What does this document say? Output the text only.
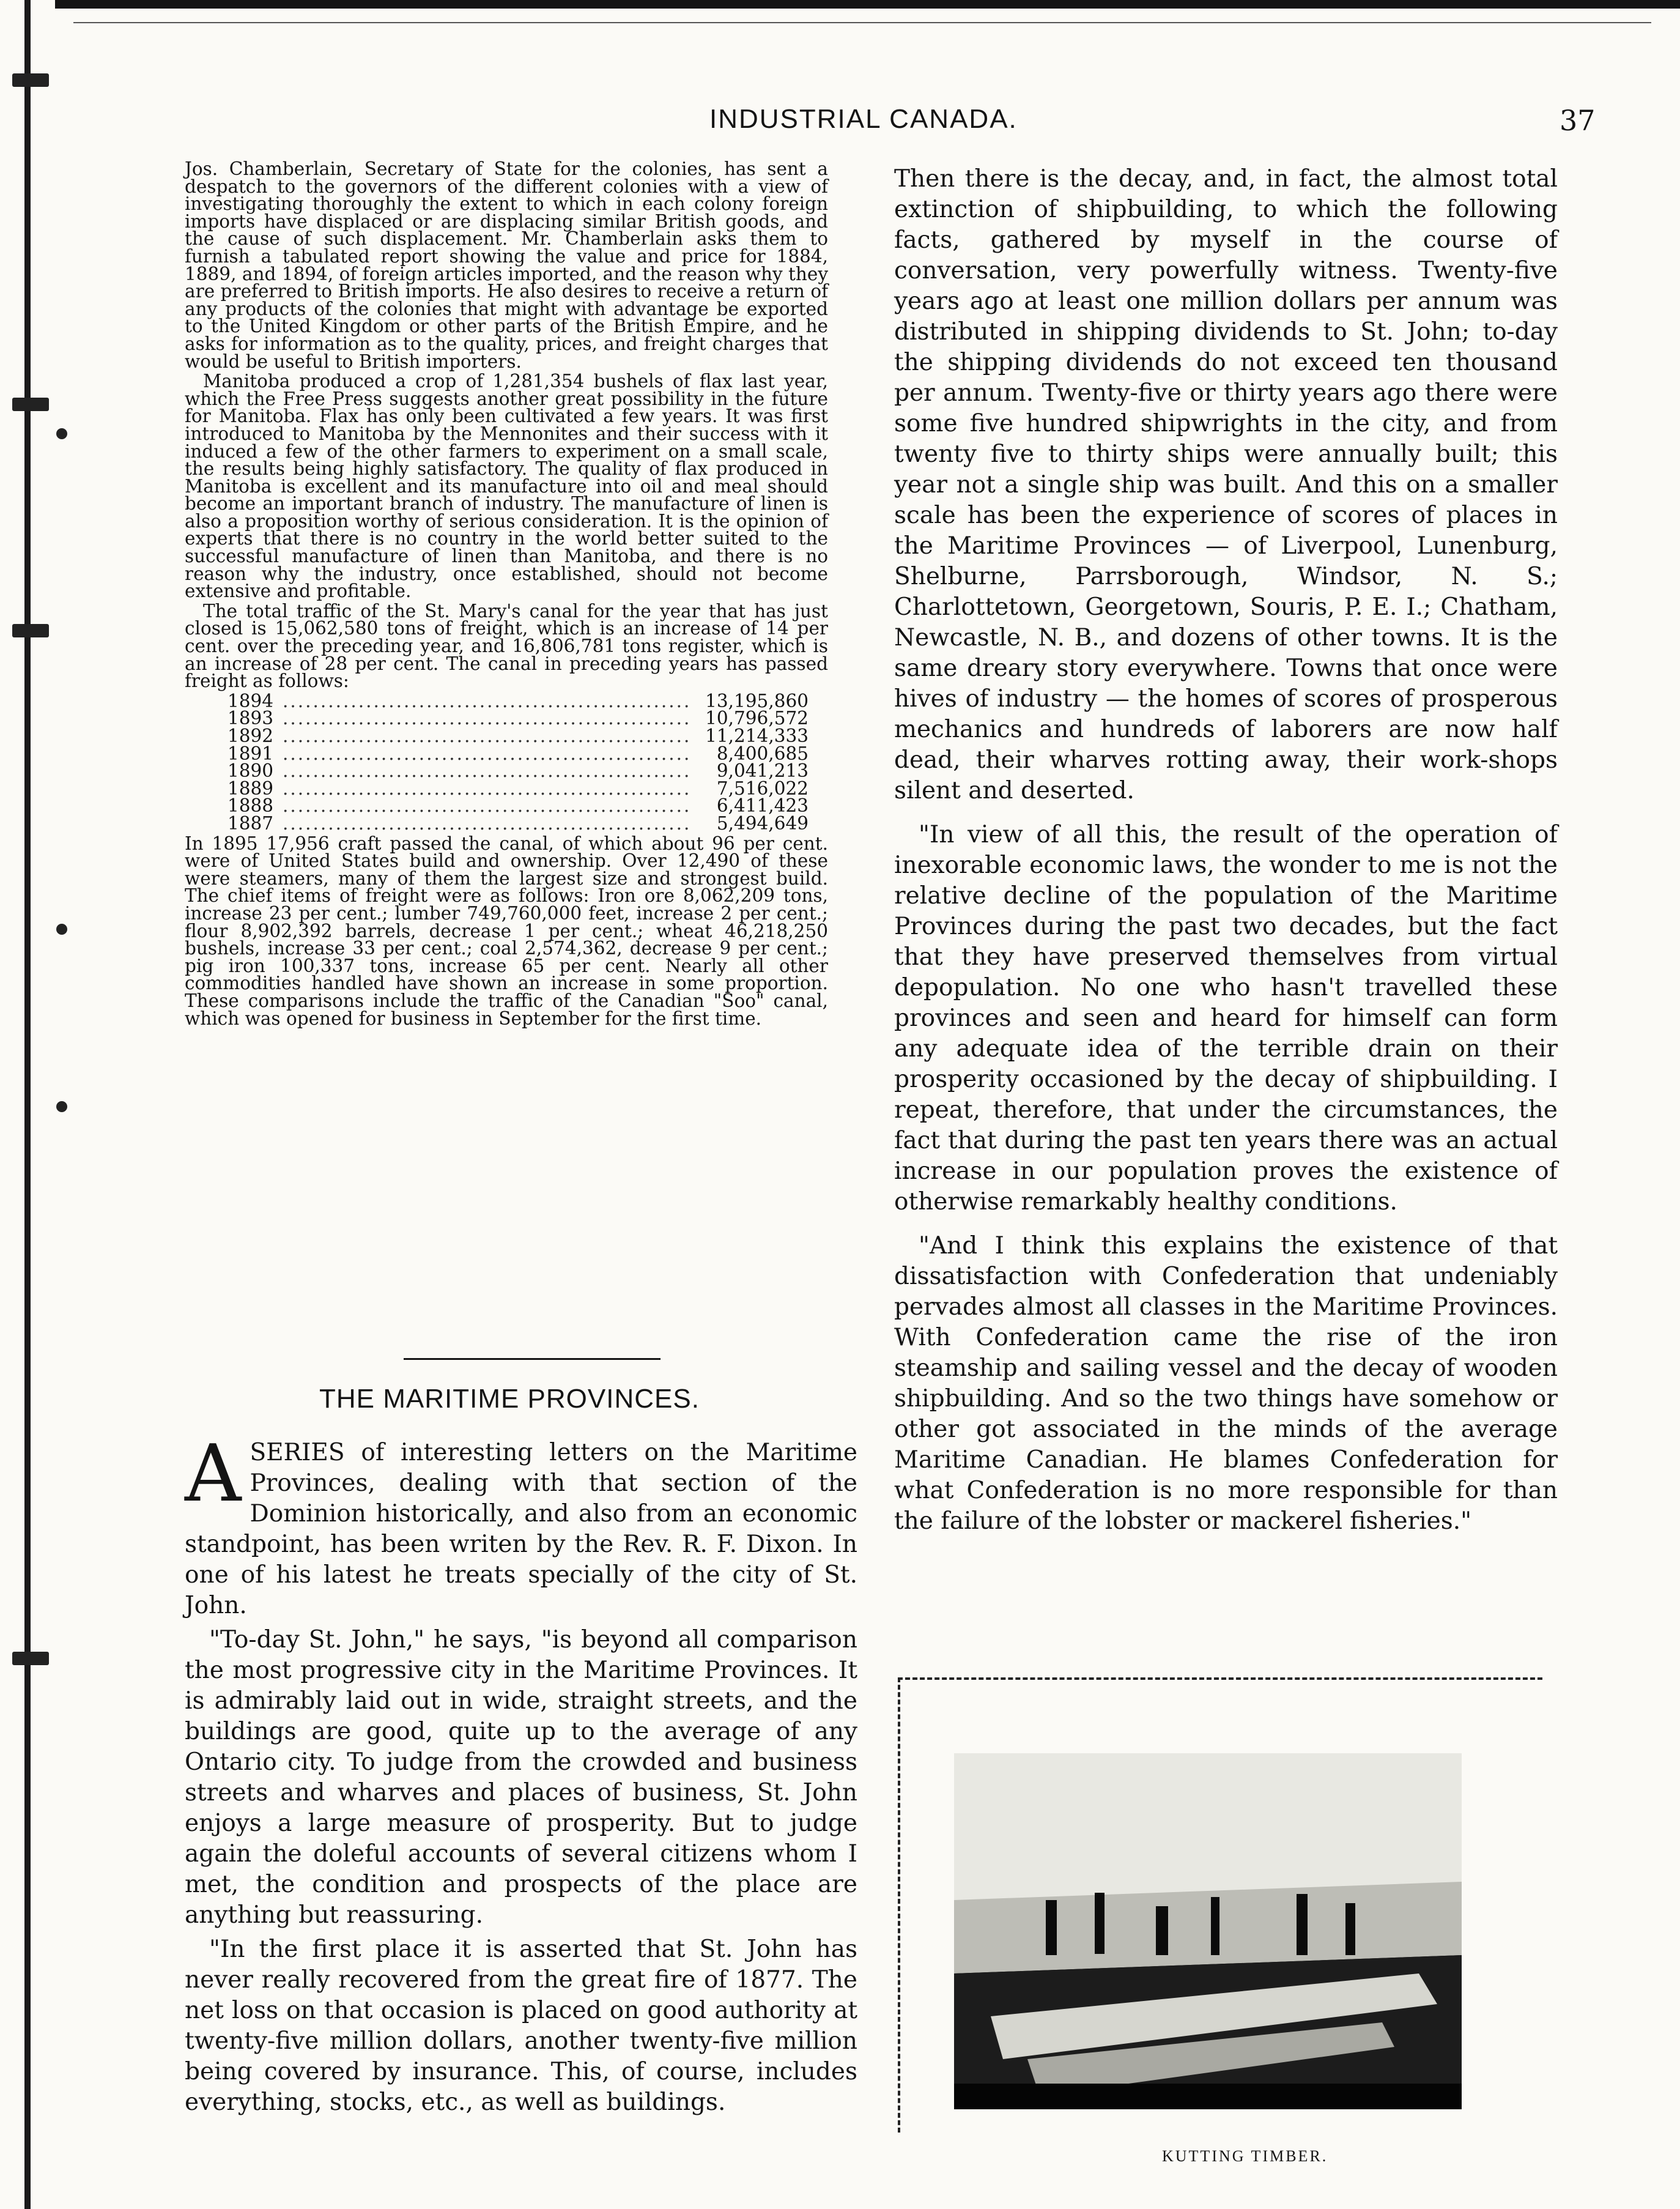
INDUSTRIAL CANADA.	37

Jos. Chamberlain, Secretary of State for the colonies, has sent a despatch to the governors of the different colonies with a view of investigating thoroughly the extent to which in each colony foreign imports have displaced or are displacing similar British goods, and the cause of such displacement. Mr. Chamberlain asks them to furnish a tabulated report showing the value and price for 1884, 1889, and 1894, of foreign articles imported, and the reason why they are preferred to British imports. He also desires to receive a return of any products of the colonies that might with advantage be exported to the United Kingdom or other parts of the British Empire, and he asks for information as to the quality, prices, and freight charges that would be useful to British importers.

Manitoba produced a crop of 1,281,354 bushels of flax last year, which the Free Press suggests another great possibility in the future for Manitoba. Flax has only been cultivated a few years. It was first introduced to Manitoba by the Mennonites and their success with it induced a few of the other farmers to experiment on a small scale, the results being highly satisfactory. The quality of flax produced in Manitoba is excellent and its manufacture into oil and meal should become an important branch of industry. The manufacture of linen is also a proposition worthy of serious consideration. It is the opinion of experts that there is no country in the world better suited to the successful manufacture of linen than Manitoba, and there is no reason why the industry, once established, should not become extensive and profitable.

The total traffic of the St. Mary's canal for the year that has just closed is 15,062,580 tons of freight, which is an increase of 14 per cent. over the preceding year, and 16,806,781 tons register, which is an increase of 28 per cent. The canal in preceding years has passed freight as follows:

1894 .....	13,195,860
1893 .....	10,796,572
1892 .....	11,214,333
1891 .....	8,400,685
1890 .....	9,041,213
1889 .....	7,516,022
1888 .....	6,411,423
1887 .....	5,494,649

In 1895 17,956 craft passed the canal, of which about 96 per cent. were of United States build and ownership. Over 12,490 of these were steamers, many of them the largest size and strongest build. The chief items of freight were as follows: Iron ore 8,062,209 tons, increase 23 per cent.; lumber 749,760,000 feet, increase 2 per cent.; flour 8,902,392 barrels, decrease 1 per cent.; wheat 46,218,250 bushels, increase 33 per cent.; coal 2,574,362, decrease 9 per cent.; pig iron 100,337 tons, increase 65 per cent. Nearly all other commodities handled have shown an increase in some proportion. These comparisons include the traffic of the Canadian "Soo" canal, which was opened for business in September for the first time.

THE MARITIME PROVINCES.

ASERIES of interesting letters on the Maritime Provinces, dealing with that section of the Dominion historically, and also from an economic standpoint, has been writen by the Rev. R. F. Dixon. In one of his latest he treats specially of the city of St. John.

"To-day St. John," he says, "is beyond all comparison the most progressive city in the Maritime Provinces. It is admirably laid out in wide, straight streets, and the buildings are good, quite up to the average of any Ontario city. To judge from the crowded and business streets and wharves and places of business, St. John enjoys a large measure of prosperity. But to judge again the doleful accounts of several citizens whom I met, the condition and prospects of the place are anything but reassuring.

"In the first place it is asserted that St. John has never really recovered from the great fire of 1877. The net loss on that occasion is placed on good authority at twenty-five million dollars, another twenty-five million being covered by insurance. This, of course, includes everything, stocks, etc., as well as buildings.

Then there is the decay, and, in fact, the almost total extinction of shipbuilding, to which the following facts, gathered by myself in the course of conversation, very powerfully witness. Twenty-five years ago at least one million dollars per annum was distributed in shipping dividends to St. John; to-day the shipping dividends do not exceed ten thousand per annum. Twenty-five or thirty years ago there were some five hundred shipwrights in the city, and from twenty five to thirty ships were annually built; this year not a single ship was built. And this on a smaller scale has been the experience of scores of places in the Maritime Provinces — of Liverpool, Lunenburg, Shelburne, Parrsborough, Windsor, N. S.; Charlottetown, Georgetown, Souris, P. E. I.; Chatham, Newcastle, N. B., and dozens of other towns. It is the same dreary story everywhere. Towns that once were hives of industry — the homes of scores of prosperous mechanics and hundreds of laborers are now half dead, their wharves rotting away, their work-shops silent and deserted.

"In view of all this, the result of the operation of inexorable economic laws, the wonder to me is not the relative decline of the population of the Maritime Provinces during the past two decades, but the fact that they have preserved themselves from virtual depopulation. No one who hasn't travelled these provinces and seen and heard for himself can form any adequate idea of the terrible drain on their prosperity occasioned by the decay of shipbuilding. I repeat, therefore, that under the circumstances, the fact that during the past ten years there was an actual increase in our population proves the existence of otherwise remarkably healthy conditions.

"And I think this explains the existence of that dissatisfaction with Confederation that undeniably pervades almost all classes in the Maritime Provinces. With Confederation came the rise of the iron steamship and sailing vessel and the decay of wooden shipbuilding. And so the two things have somehow or other got associated in the minds of the average Maritime Canadian. He blames Confederation for what Confederation is no more responsible for than the failure of the lobster or mackerel fisheries."

KUTTING TIMBER.
